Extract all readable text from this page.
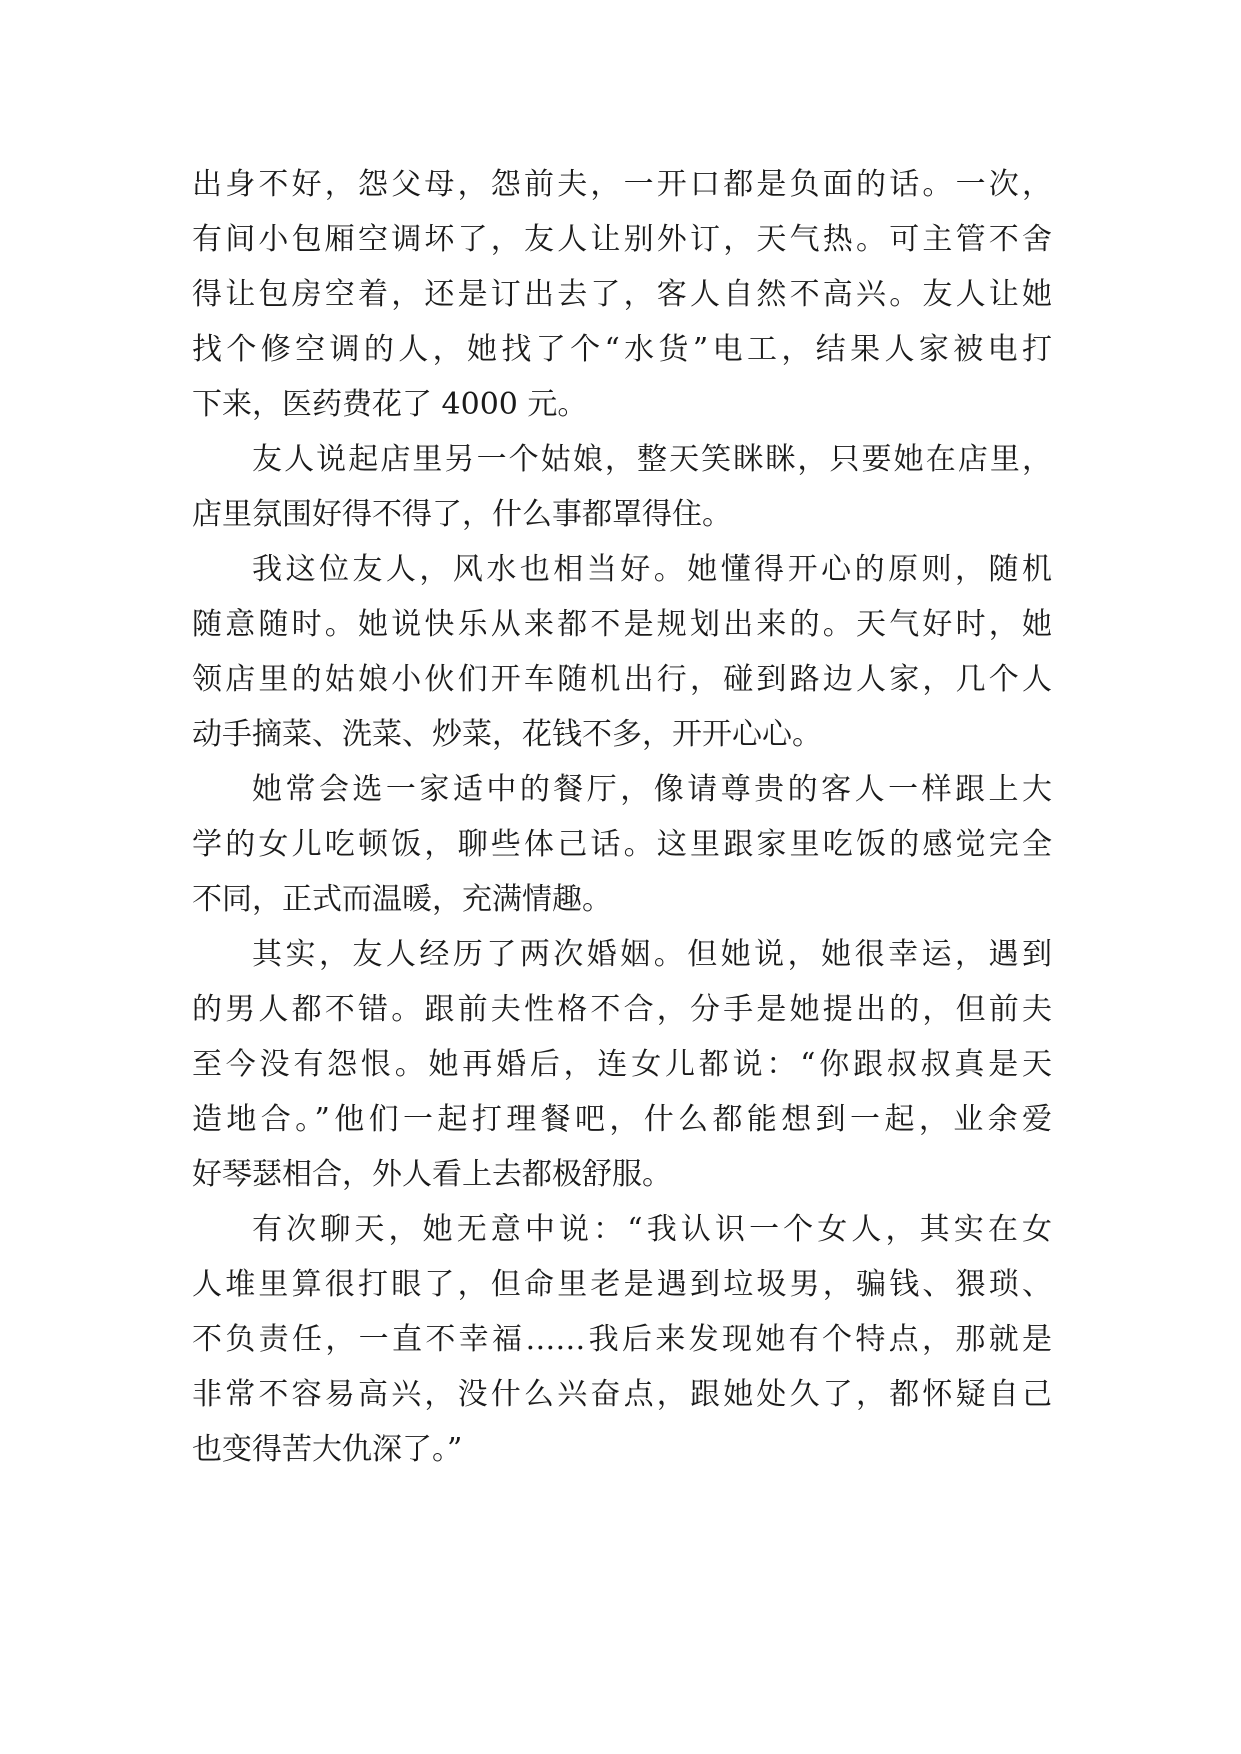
出身不好，怨父母，怨前夫，一开口都是负面的话。一次，
有间小包厢空调坏了，友人让别外订，天气热。可主管不舍
得让包房空着，还是订出去了，客人自然不高兴。友人让她
找个修空调的人，她找了个“水货”电工，结果人家被电打
下来，医药费花了 4000 元。
友人说起店里另一个姑娘，整天笑眯眯，只要她在店里，
店里氛围好得不得了，什么事都罩得住。
我这位友人，风水也相当好。她懂得开心的原则，随机
随意随时。她说快乐从来都不是规划出来的。天气好时，她
领店里的姑娘小伙们开车随机出行，碰到路边人家，几个人
动手摘菜、洗菜、炒菜，花钱不多，开开心心。
她常会选一家适中的餐厅，像请尊贵的客人一样跟上大
学的女儿吃顿饭，聊些体己话。这里跟家里吃饭的感觉完全
不同，正式而温暖，充满情趣。
其实，友人经历了两次婚姻。但她说，她很幸运，遇到
的男人都不错。跟前夫性格不合，分手是她提出的，但前夫
至今没有怨恨。她再婚后，连女儿都说：“你跟叔叔真是天
造地合。”他们一起打理餐吧，什么都能想到一起，业余爱
好琴瑟相合，外人看上去都极舒服。
有次聊天，她无意中说：“我认识一个女人，其实在女
人堆里算很打眼了，但命里老是遇到垃圾男，骗钱、猥琐、
不负责任，一直不幸福……我后来发现她有个特点，那就是
非常不容易高兴，没什么兴奋点，跟她处久了，都怀疑自己
也变得苦大仇深了。”
